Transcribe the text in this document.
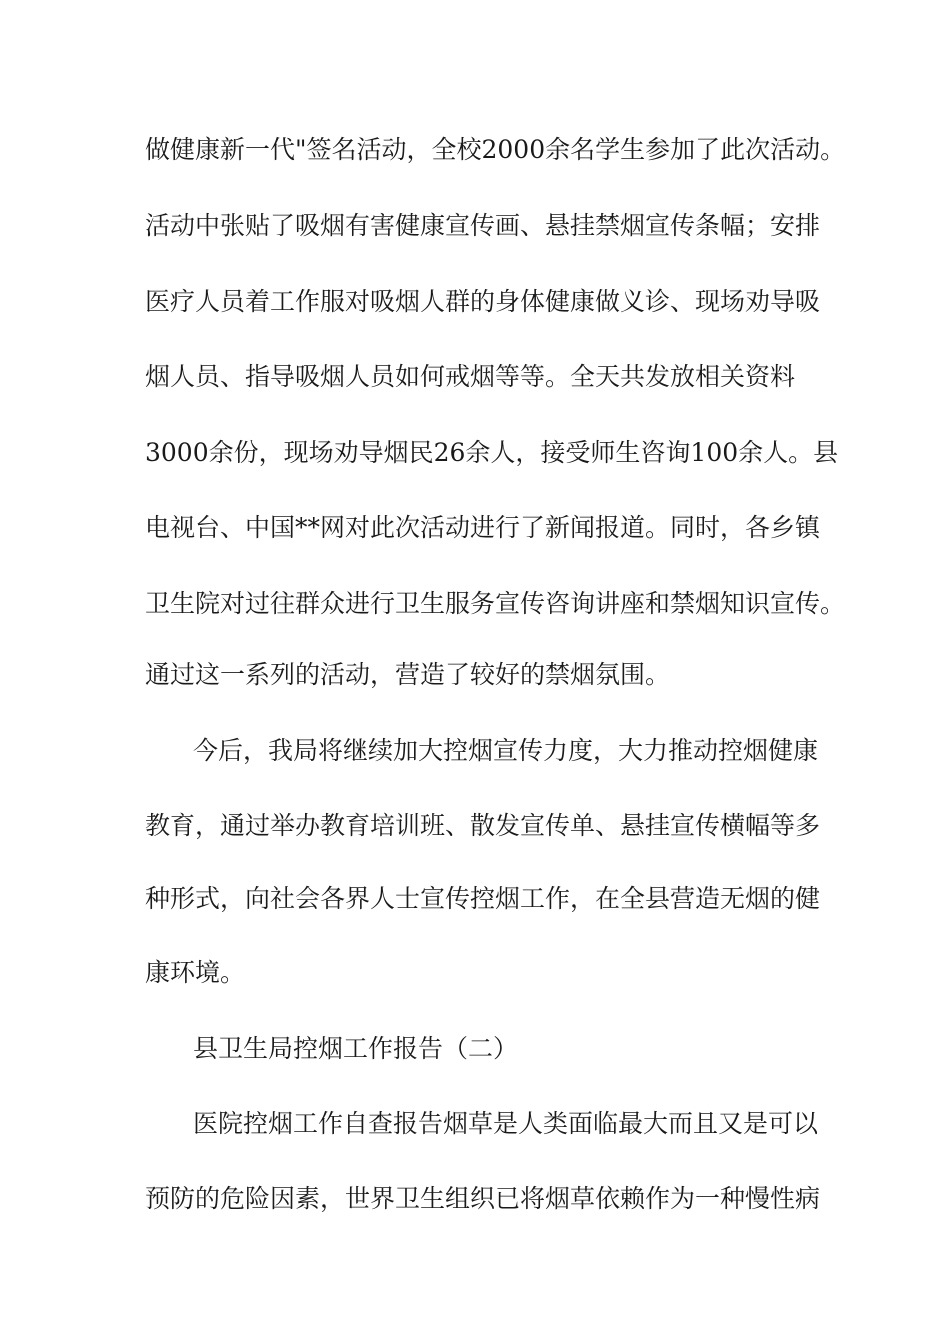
做健康新一代"签名活动，全校2000余名学生参加了此次活动。

活动中张贴了吸烟有害健康宣传画、悬挂禁烟宣传条幅；安排

医疗人员着工作服对吸烟人群的身体健康做义诊、现场劝导吸

烟人员、指导吸烟人员如何戒烟等等。全天共发放相关资料

3000余份，现场劝导烟民26余人，接受师生咨询100余人。县

电视台、中国**网对此次活动进行了新闻报道。同时，各乡镇

卫生院对过往群众进行卫生服务宣传咨询讲座和禁烟知识宣传。

通过这一系列的活动，营造了较好的禁烟氛围。

今后，我局将继续加大控烟宣传力度，大力推动控烟健康

教育，通过举办教育培训班、散发宣传单、悬挂宣传横幅等多

种形式，向社会各界人士宣传控烟工作，在全县营造无烟的健

康环境。

县卫生局控烟工作报告（二）

医院控烟工作自查报告烟草是人类面临最大而且又是可以

预防的危险因素，世界卫生组织已将烟草依赖作为一种慢性病
